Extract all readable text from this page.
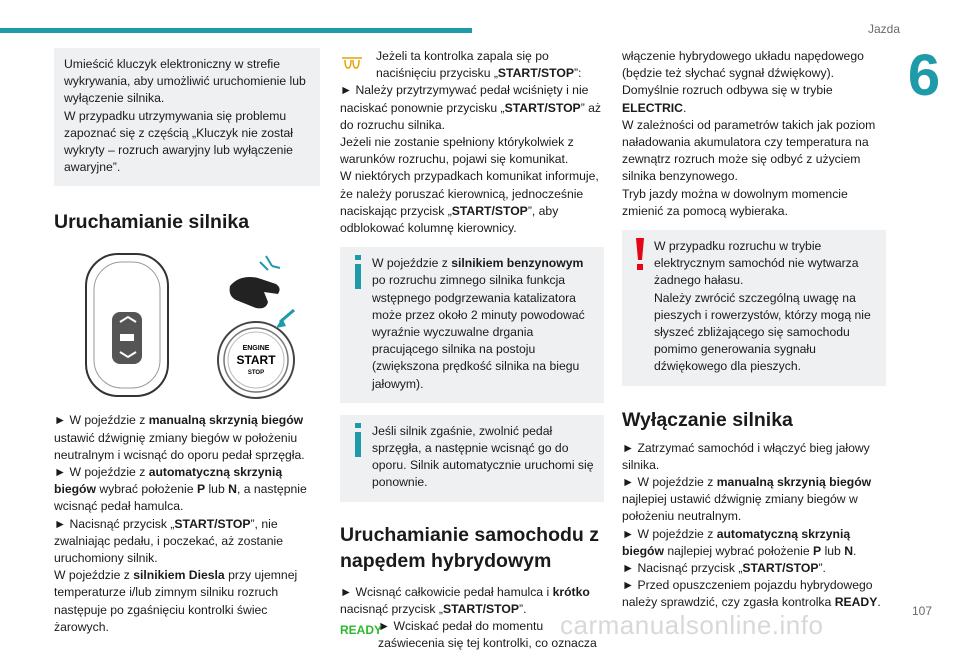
Jazda
6

Umieścić kluczyk elektroniczny w strefie wykrywania, aby umożliwić uruchomienie lub wyłączenie silnika.
W przypadku utrzymywania się problemu zapoznać się z częścią „Kluczyk nie został wykryty – rozruch awaryjny lub wyłączenie awaryjne”.

Uruchamianie silnika
ENGINE
START
STOP

► W pojeździe z manualną skrzynią biegów ustawić dźwignię zmiany biegów w położeniu neutralnym i wcisnąć do oporu pedał sprzęgła.

► W pojeździe z automatyczną skrzynią biegów wybrać położenie P lub N, a następnie wcisnąć pedał hamulca.

► Nacisnąć przycisk „START/STOP”, nie zwalniając pedału, i poczekać, aż zostanie uruchomiony silnik.

W pojeździe z silnikiem Diesla przy ujemnej temperaturze i/lub zimnym silniku rozruch następuje po zgaśnięciu kontrolki świec żarowych.

Jeżeli ta kontrolka zapala się po naciśnięciu przycisku „START/STOP”:

► Należy przytrzymywać pedał wciśnięty i nie naciskać ponownie przycisku „START/STOP” aż do rozruchu silnika.

Jeżeli nie zostanie spełniony którykolwiek z warunków rozruchu, pojawi się komunikat.

W niektórych przypadkach komunikat informuje, że należy poruszać kierownicą, jednocześnie naciskając przycisk „START/STOP”, aby odblokować kolumnę kierownicy.

W pojeździe z silnikiem benzynowym po rozruchu zimnego silnika funkcja wstępnego podgrzewania katalizatora może przez około 2 minuty powodować wyraźnie wyczuwalne drgania pracującego silnika na postoju (zwiększona prędkość silnika na biegu jałowym).

Jeśli silnik zgaśnie, zwolnić pedał sprzęgła, a następnie wcisnąć go do oporu. Silnik automatycznie uruchomi się ponownie.

Uruchamianie samochodu z napędem hybrydowym

► Wcisnąć całkowicie pedał hamulca i krótko nacisnąć przycisk „START/STOP”.

READY

► Wciskać pedał do momentu zaświecenia się tej kontrolki, co oznacza

włączenie hybrydowego układu napędowego (będzie też słychać sygnał dźwiękowy).

Domyślnie rozruch odbywa się w trybie ELECTRIC.

W zależności od parametrów takich jak poziom naładowania akumulatora czy temperatura na zewnątrz rozruch może się odbyć z użyciem silnika benzynowego.

Tryb jazdy można w dowolnym momencie zmienić za pomocą wybieraka.

W przypadku rozruchu w trybie elektrycznym samochód nie wytwarza żadnego hałasu.
Należy zwrócić szczególną uwagę na pieszych i rowerzystów, którzy mogą nie słyszeć zbliżającego się samochodu pomimo generowania sygnału dźwiękowego dla pieszych.

Wyłączanie silnika

► Zatrzymać samochód i włączyć bieg jałowy silnika.

► W pojeździe z manualną skrzynią biegów najlepiej ustawić dźwignię zmiany biegów w położeniu neutralnym.

► W pojeździe z automatyczną skrzynią biegów najlepiej wybrać położenie P lub N.

► Nacisnąć przycisk „START/STOP”.

► Przed opuszczeniem pojazdu hybrydowego należy sprawdzić, czy zgasła kontrolka READY.

107
carmanualsonline.info
